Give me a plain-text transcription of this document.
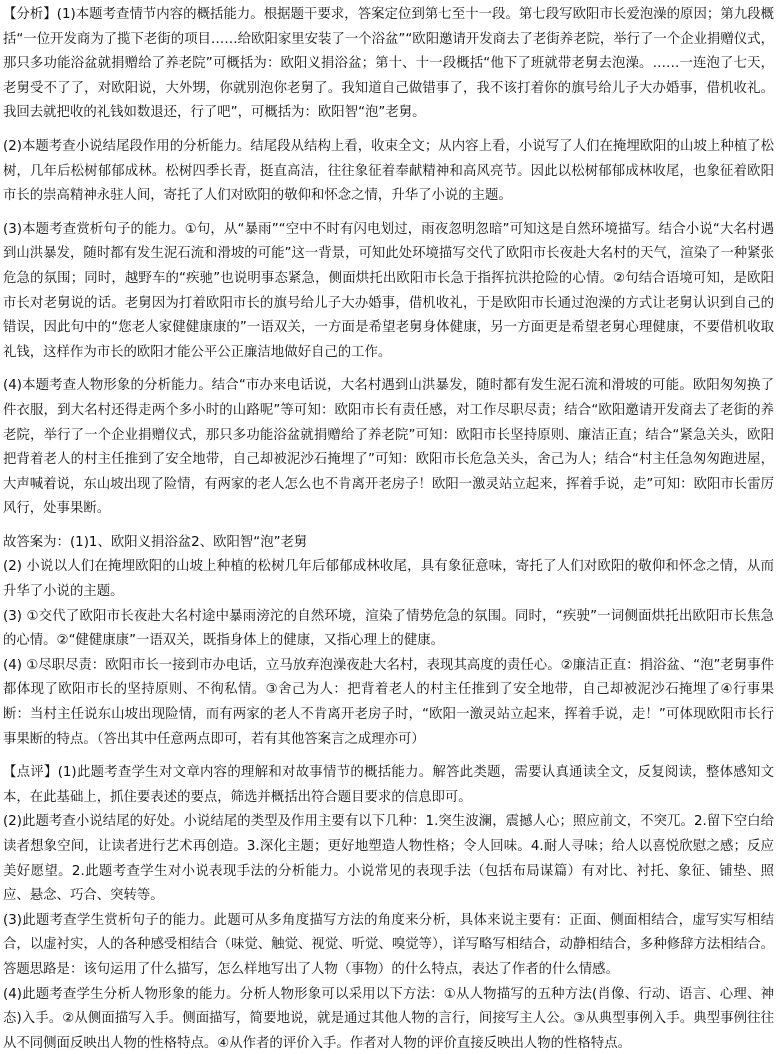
【分析】(1)本题考查情节内容的概括能力。根据题干要求，答案定位到第七至十一段。第七段写欧阳市长爱泡澡的原因；第九段概括“一位开发商为了揽下老街的项目……给欧阳家里安装了一个浴盆”“欧阳邀请开发商去了老街养老院，举行了一个企业捐赠仪式，那只多功能浴盆就捐赠给了养老院”可概括为：欧阳义捐浴盆；第十、十一段概括“他下了班就带老舅去泡澡。……一连泡了七天，老舅受不了了，对欧阳说，大外甥，你就别泡你老舅了。我知道自己做错事了，我不该打着你的旗号给儿子大办婚事，借机收礼。我回去就把收的礼钱如数退还，行了吧”，可概括为：欧阳智“泡”老舅。

(2)本题考查小说结尾段作用的分析能力。结尾段从结构上看，收束全文；从内容上看，小说写了人们在掩埋欧阳的山坡上种植了松树，几年后松树郁郁成林。松树四季长青，挺直高洁，往往象征着奉献精神和高风亮节。因此以松树郁郁成林收尾，也象征着欧阳市长的崇高精神永驻人间，寄托了人们对欧阳的敬仰和怀念之情，升华了小说的主题。

(3)本题考查赏析句子的能力。①句，从“暴雨”“空中不时有闪电划过，雨夜忽明忽暗”可知这是自然环境描写。结合小说“大名村遇到山洪暴发，随时都有发生泥石流和滑坡的可能”这一背景，可知此处环境描写交代了欧阳市长夜赴大名村的天气，渲染了一种紧张危急的氛围；同时，越野车的“疾驰”也说明事态紧急，侧面烘托出欧阳市长急于指挥抗洪抢险的心情。②句结合语境可知，是欧阳市长对老舅说的话。老舅因为打着欧阳市长的旗号给儿子大办婚事，借机收礼，于是欧阳市长通过泡澡的方式让老舅认识到自己的错误，因此句中的“您老人家健健康康的”一语双关，一方面是希望老舅身体健康，另一方面更是希望老舅心理健康，不要借机收取礼钱，这样作为市长的欧阳才能公平公正廉洁地做好自己的工作。

(4)本题考查人物形象的分析能力。结合“市办来电话说，大名村遇到山洪暴发，随时都有发生泥石流和滑坡的可能。欧阳匆匆换了件衣服，到大名村还得走两个多小时的山路呢”等可知：欧阳市长有责任感，对工作尽职尽责；结合“欧阳邀请开发商去了老街的养老院，举行了一个企业捐赠仪式，那只多功能浴盆就捐赠给了养老院”可知：欧阳市长坚持原则、廉洁正直；结合“紧急关头，欧阳把背着老人的村主任推到了安全地带，自己却被泥沙石掩埋了”可知：欧阳市长危急关头，舍己为人；结合“村主任急匆匆跑进屋，大声喊着说，东山坡出现了险情，有两家的老人怎么也不肯离开老房子！欧阳一激灵站立起来，挥着手说，走”可知：欧阳市长雷厉风行，处事果断。

故答案为：(1)1、欧阳义捐浴盆2、欧阳智“泡”老舅

(2) 小说以人们在掩埋欧阳的山坡上种植的松树几年后郁郁成林收尾，具有象征意味，寄托了人们对欧阳的敬仰和怀念之情，从而升华了小说的主题。

(3) ①交代了欧阳市长夜赴大名村途中暴雨滂沱的自然环境，渲染了情势危急的氛围。同时，“疾驶”一词侧面烘托出欧阳市长焦急的心情。②“健健康康”一语双关，既指身体上的健康，又指心理上的健康。

(4) ①尽职尽责：欧阳市长一接到市办电话，立马放弃泡澡夜赴大名村，表现其高度的责任心。②廉洁正直：捐浴盆、“泡”老舅事件都体现了欧阳市长的坚持原则、不徇私情。③舍己为人：把背着老人的村主任推到了安全地带，自己却被泥沙石掩埋了④行事果断：当村主任说东山坡出现险情，而有两家的老人不肯离开老房子时，“欧阳一激灵站立起来，挥着手说，走！”可体现欧阳市长行事果断的特点。（答出其中任意两点即可，若有其他答案言之成理亦可）

【点评】(1)此题考查学生对文章内容的理解和对故事情节的概括能力。解答此类题，需要认真通读全文，反复阅读，整体感知文本，在此基础上，抓住要表述的要点，筛选并概括出符合题目要求的信息即可。

(2)此题考查小说结尾的好处。小说结尾的类型及作用主要有以下几种：1.突生波澜，震撼人心；照应前文，不突兀。2.留下空白给读者想象空间，让读者进行艺术再创造。3.深化主题；更好地塑造人物性格；令人回味。4.耐人寻味；给人以喜悦欣慰之感；反应美好愿望。2.此题考查学生对小说表现手法的分析能力。小说常见的表现手法（包括布局谋篇）有对比、衬托、象征、铺垫、照应、悬念、巧合、突转等。

(3)此题考查学生赏析句子的能力。此题可从多角度描写方法的角度来分析，具体来说主要有：正面、侧面相结合，虚写实写相结合，以虚衬实，人的各种感受相结合（味觉、触觉、视觉、听觉、嗅觉等），详写略写相结合，动静相结合，多种修辞方法相结合。答题思路是：该句运用了什么描写，怎么样地写出了人物（事物）的什么特点，表达了作者的什么情感。

(4)此题考查学生分析人物形象的能力。分析人物形象可以采用以下方法：①从人物描写的五种方法(肖像、行动、语言、心理、神态)入手。②从侧面描写入手。侧面描写，简要地说，就是通过其他人物的言行，间接写主人公。③从典型事例入手。典型事例往往从不同侧面反映出人物的性格特点。④从作者的评价入手。作者对人物的评价直接反映出人物的性格特点。
